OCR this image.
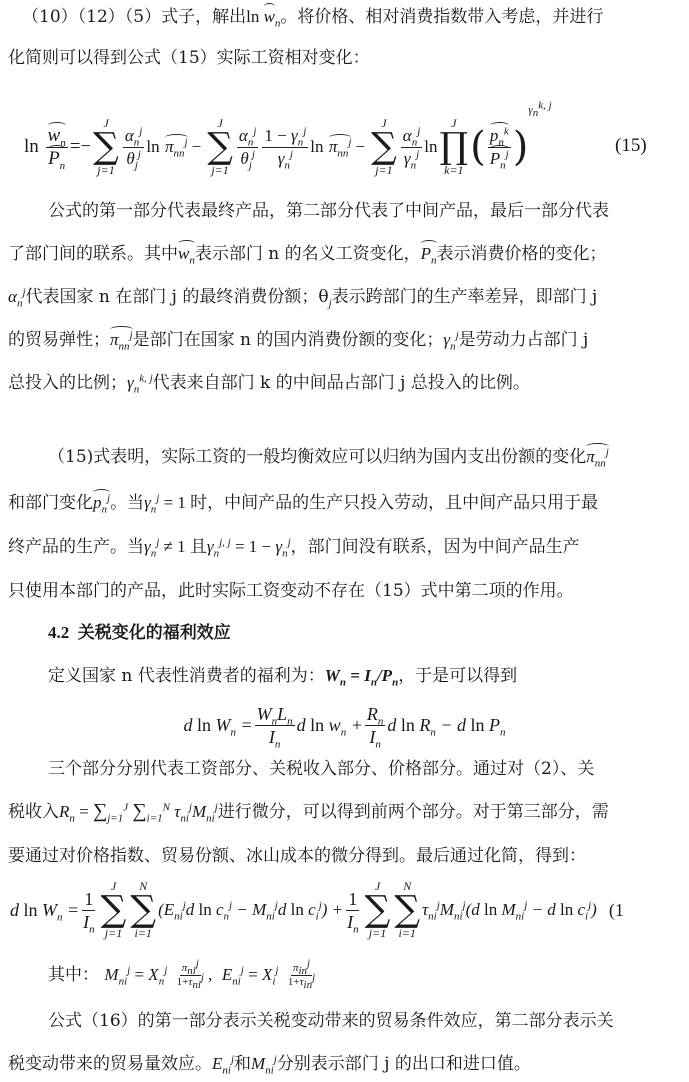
（10）（12）（5）式子，解出$\ln w_n$。将价格、相对消费指数带入考虑，并进行
化简则可以得到公式（15）实际工资相对变化：
$\ln \frac{w_n}{P_n}$ =−
J
∑
j=1
$\frac{\alpha_n^j}{\theta_j^j}$ ln
$\pi_{nn}^j$ −
J
∑
j=1
$\frac{\alpha_n^j}{\theta_j^j} \frac{1 - \gamma_n^j}{\gamma_n^j}$ ln
$\pi_{nn}^j$ −
J
∑
j=1
$\frac{\alpha_n^j}{\gamma_n^j}$ ln
J
∏
k=1 ( $\frac{p_n^k}{P_n^j}$ )
$\gamma_n^{k, j}$
(15)
公式的第一部分代表最终产品，第二部分代表了中间产品，最后一部分代表
了部门间的联系。其中$w_n$表示部门 n 的名义工资变化，$P_n$表示消费价格的变化；
$\alpha_n^j$代表国家 n 在部门 j 的最终消费份额；$\theta_j$表示跨部门的生产率差异，即部门 j
的贸易弹性；$\pi_{nn}^j$是部门在国家 n 的国内消费份额的变化；$\gamma_n^j$是劳动力占部门 j
总投入的比例；$\gamma_n^{k, j}$代表来自部门 k 的中间品占部门 j 总投入的比例。
（15)式表明，实际工资的一般均衡效应可以归纳为国内支出份额的变化$\pi_{nn}^j$
和部门变化$p_n^j$。当$\gamma_n^j = 1$ 时，中间产品的生产只投入劳动，且中间产品只用于最
终产品的生产。当$\gamma_n^j \ne 1$ 且$\gamma_n^{j, j} = 1 - \gamma_n^j$，部门间没有联系，因为中间产品生产
只使用本部门的产品，此时实际工资变动不存在（15）式中第二项的作用。
4.2 关税变化的福利效应
定义国家 n 代表性消费者的福利为：$W_n = I_n/P_n$，于是可以得到
d $\ln W_n = \frac{W_nL_n}{I_n}$ d $\ln w_n + \frac{R_n}{I_n}$ d $\ln R_n - d$ $\ln P_n$
三个部分分别代表工资部分、关税收入部分、价格部分。通过对（2）、关
税收入$R_n = \sum_{j=1}^J$ $\sum_{i=1}^N$ $\tau_{ni}^jM_{ni}^j$进行微分，可以得到前两个部分。对于第三部分，需
要通过对价格指数、贸易份额、冰山成本的微分得到。最后通过化简，得到：
d $\ln W_n = \frac{1}{I_n}$
J
∑
j=1
N
∑
i=1
($E_{ni}^jd$ $\ln c_n^j - M_{ni}^jd$ $\ln c_i^j) + \frac{1}{I_n}$
J
∑
j=1
N
∑
i=1
$\tau_{ni}^jM_{ni}^j(d$ $\ln M_{ni}^j - d$ $\ln c_i^j$) (1
其中： $M_{ni}^j = X_n^j \frac{\pi_{ni}^j}{1+\tau_{ni}^j}$ ,  $E_{ni}^j = X_i^j \frac{\pi_{in}^j}{1+\tau_{in}^j}$
公式（16）的第一部分表示关税变动带来的贸易条件效应，第二部分表示关
税变动带来的贸易量效应。$E_{ni}^j$和$M_{ni}^j$分别表示部门 j 的出口和进口值。
